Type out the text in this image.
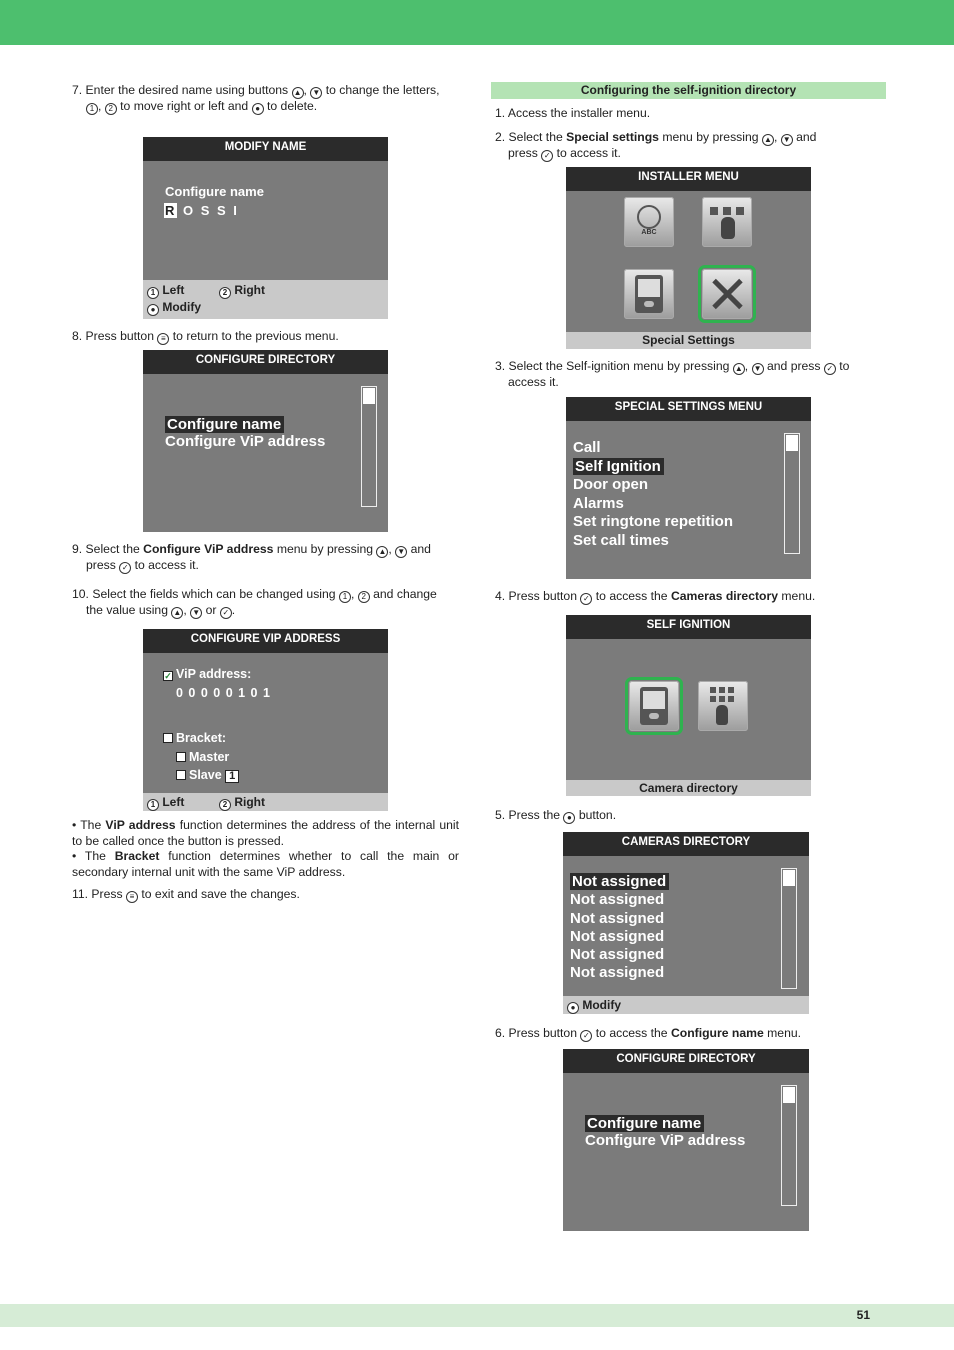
7. Enter the desired name using buttons ▲ , ▼ to change the letters,
1 , 2 to move right or left and ● to delete.
MODIFY NAME
Configure name
R O S S I
1 Left	2 Right
● Modify
8. Press button ≡ to return to the previous menu.
CONFIGURE DIRECTORY
Configure name
Configure ViP address
9. Select the Configure ViP address menu by pressing ▲ , ▼ and
press ✓ to access it.
10. Select the fields which can be changed using 1 , 2 and change
the value using ▲ , ▼ or ✓ .
CONFIGURE VIP ADDRESS
✓ ViP address:
0 0 0 0 0 1 0 1
Bracket:
Master
Slave 1
1 Left	2 Right
• The ViP address function determines the address of the internal unit to be called once the button is pressed.
• The Bracket function determines whether to call the main or secondary internal unit with the same ViP address.
11. Press ≡ to exit and save the changes.
Configuring the self-ignition directory
1. Access the installer menu.
2. Select the Special settings menu by pressing ▲ , ▼ and
press ✓ to access it.
INSTALLER MENU
ABC
Special Settings
3. Select the Self-ignition menu by pressing ▲ , ▼ and press ✓ to
access it.
SPECIAL SETTINGS MENU
Call
Self Ignition
Door open
Alarms
Set ringtone repetition
Set call times
4. Press button ✓ to access the Cameras directory menu.
SELF IGNITION
Camera directory
5. Press the ● button.
CAMERAS DIRECTORY
Not assigned
Not assigned
Not assigned
Not assigned
Not assigned
Not assigned
● Modify
6. Press button ✓ to access the Configure name menu.
CONFIGURE DIRECTORY
Configure name
Configure ViP address
51
